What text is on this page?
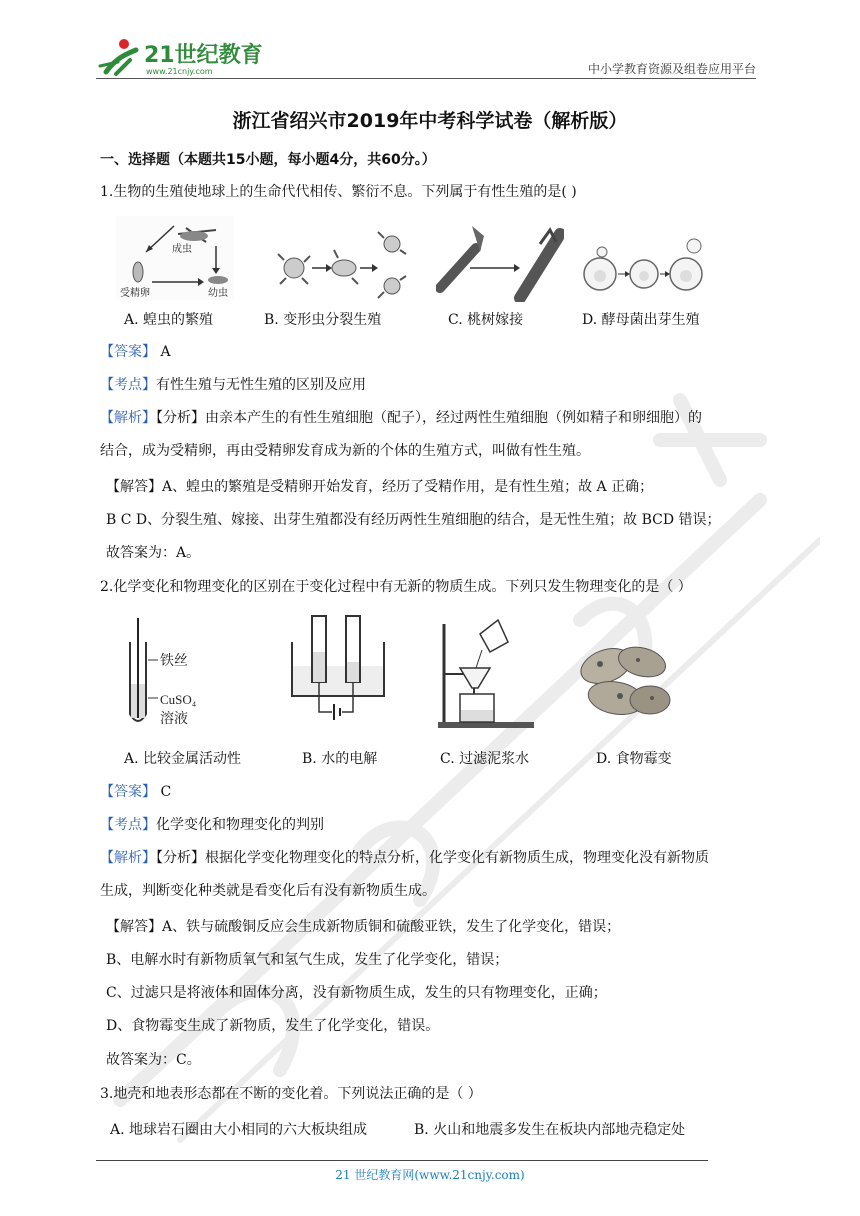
21世纪教育
www.21cnjy.com	中小学教育资源及组卷应用平台
浙江省绍兴市2019年中考科学试卷（解析版）
一、选择题（本题共15小题，每小题4分，共60分。）
1.生物的生殖使地球上的生命代代相传、繁衍不息。下列属于有性生殖的是( )
成虫
受精卵	幼虫
A. 蝗虫的繁殖	B. 变形虫分裂生殖	C. 桃树嫁接	D. 酵母菌出芽生殖
【答案】 A
【考点】有性生殖与无性生殖的区别及应用
【解析】【分析】由亲本产生的有性生殖细胞（配子），经过两性生殖细胞（例如精子和卵细胞）的
结合，成为受精卵，再由受精卵发育成为新的个体的生殖方式，叫做有性生殖。
【解答】A、蝗虫的繁殖是受精卵开始发育，经历了受精作用，是有性生殖；故 A 正确；
B C D、分裂生殖、嫁接、出芽生殖都没有经历两性生殖细胞的结合，是无性生殖；故 BCD 错误；
故答案为：A。
2.化学变化和物理变化的区别在于变化过程中有无新的物质生成。下列只发生物理变化的是（ ）
铁丝
CuSO₄
溶液
A. 比较金属活动性	B. 水的电解	C. 过滤泥浆水	D. 食物霉变
【答案】 C
【考点】化学变化和物理变化的判别
【解析】【分析】根据化学变化物理变化的特点分析，化学变化有新物质生成，物理变化没有新物质
生成，判断变化种类就是看变化后有没有新物质生成。
【解答】A、铁与硫酸铜反应会生成新物质铜和硫酸亚铁，发生了化学变化，错误；
B、电解水时有新物质氧气和氢气生成，发生了化学变化，错误；
C、过滤只是将液体和固体分离，没有新物质生成，发生的只有物理变化，正确；
D、食物霉变生成了新物质，发生了化学变化，错误。
故答案为：C。
3.地壳和地表形态都在不断的变化着。下列说法正确的是（ ）
A. 地球岩石圈由大小相同的六大板块组成	B. 火山和地震多发生在板块内部地壳稳定处
21 世纪教育网(www.21cnjy.com)
